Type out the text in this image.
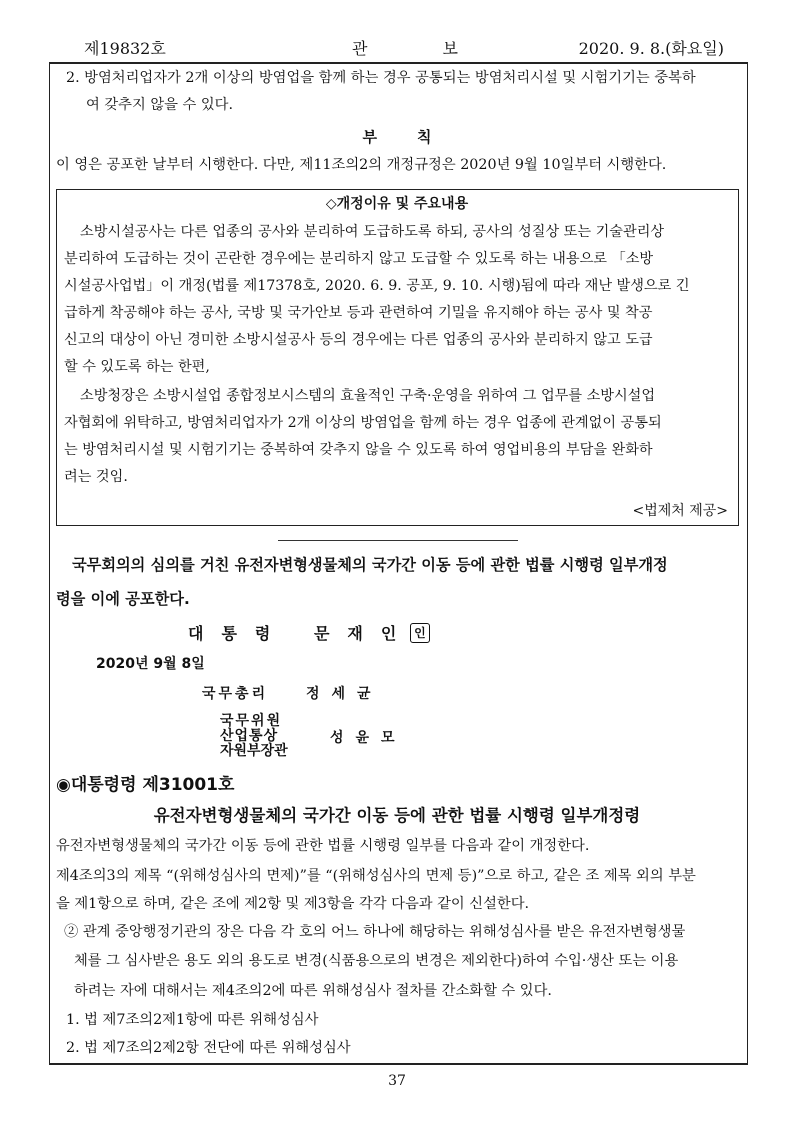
제19832호	관보	2020. 9. 8.(화요일)
2. 방염처리업자가 2개 이상의 방염업을 함께 하는 경우 공통되는 방염처리시설 및 시험기기는 중복하
여 갖추지 않을 수 있다.
부칙
이 영은 공포한 날부터 시행한다. 다만, 제11조의2의 개정규정은 2020년 9월 10일부터 시행한다.
◇개정이유 및 주요내용
소방시설공사는 다른 업종의 공사와 분리하여 도급하도록 하되, 공사의 성질상 또는 기술관리상
분리하여 도급하는 것이 곤란한 경우에는 분리하지 않고 도급할 수 있도록 하는 내용으로 「소방
시설공사업법」이 개정(법률 제17378호, 2020. 6. 9. 공포, 9. 10. 시행)됨에 따라 재난 발생으로 긴
급하게 착공해야 하는 공사, 국방 및 국가안보 등과 관련하여 기밀을 유지해야 하는 공사 및 착공
신고의 대상이 아닌 경미한 소방시설공사 등의 경우에는 다른 업종의 공사와 분리하지 않고 도급
할 수 있도록 하는 한편,
소방청장은 소방시설업 종합정보시스템의 효율적인 구축·운영을 위하여 그 업무를 소방시설업
자협회에 위탁하고, 방염처리업자가 2개 이상의 방염업을 함께 하는 경우 업종에 관계없이 공통되
는 방염처리시설 및 시험기기는 중복하여 갖추지 않을 수 있도록 하여 영업비용의 부담을 완화하
려는 것임.
<법제처 제공>
국무회의의 심의를 거친 유전자변형생물체의 국가간 이동 등에 관한 법률 시행령 일부개정
령을 이에 공포한다.
대통령 문재인 인
2020년 9월 8일
국무총리	정세균
국무위원
산업통상
자원부장관
성윤모
◉대통령령 제31001호
유전자변형생물체의 국가간 이동 등에 관한 법률 시행령 일부개정령
유전자변형생물체의 국가간 이동 등에 관한 법률 시행령 일부를 다음과 같이 개정한다.
제4조의3의 제목 “(위해성심사의 면제)”를 “(위해성심사의 면제 등)”으로 하고, 같은 조 제목 외의 부분
을 제1항으로 하며, 같은 조에 제2항 및 제3항을 각각 다음과 같이 신설한다.
② 관계 중앙행정기관의 장은 다음 각 호의 어느 하나에 해당하는 위해성심사를 받은 유전자변형생물
체를 그 심사받은 용도 외의 용도로 변경(식품용으로의 변경은 제외한다)하여 수입·생산 또는 이용
하려는 자에 대해서는 제4조의2에 따른 위해성심사 절차를 간소화할 수 있다.
1. 법 제7조의2제1항에 따른 위해성심사
2. 법 제7조의2제2항 전단에 따른 위해성심사
37
